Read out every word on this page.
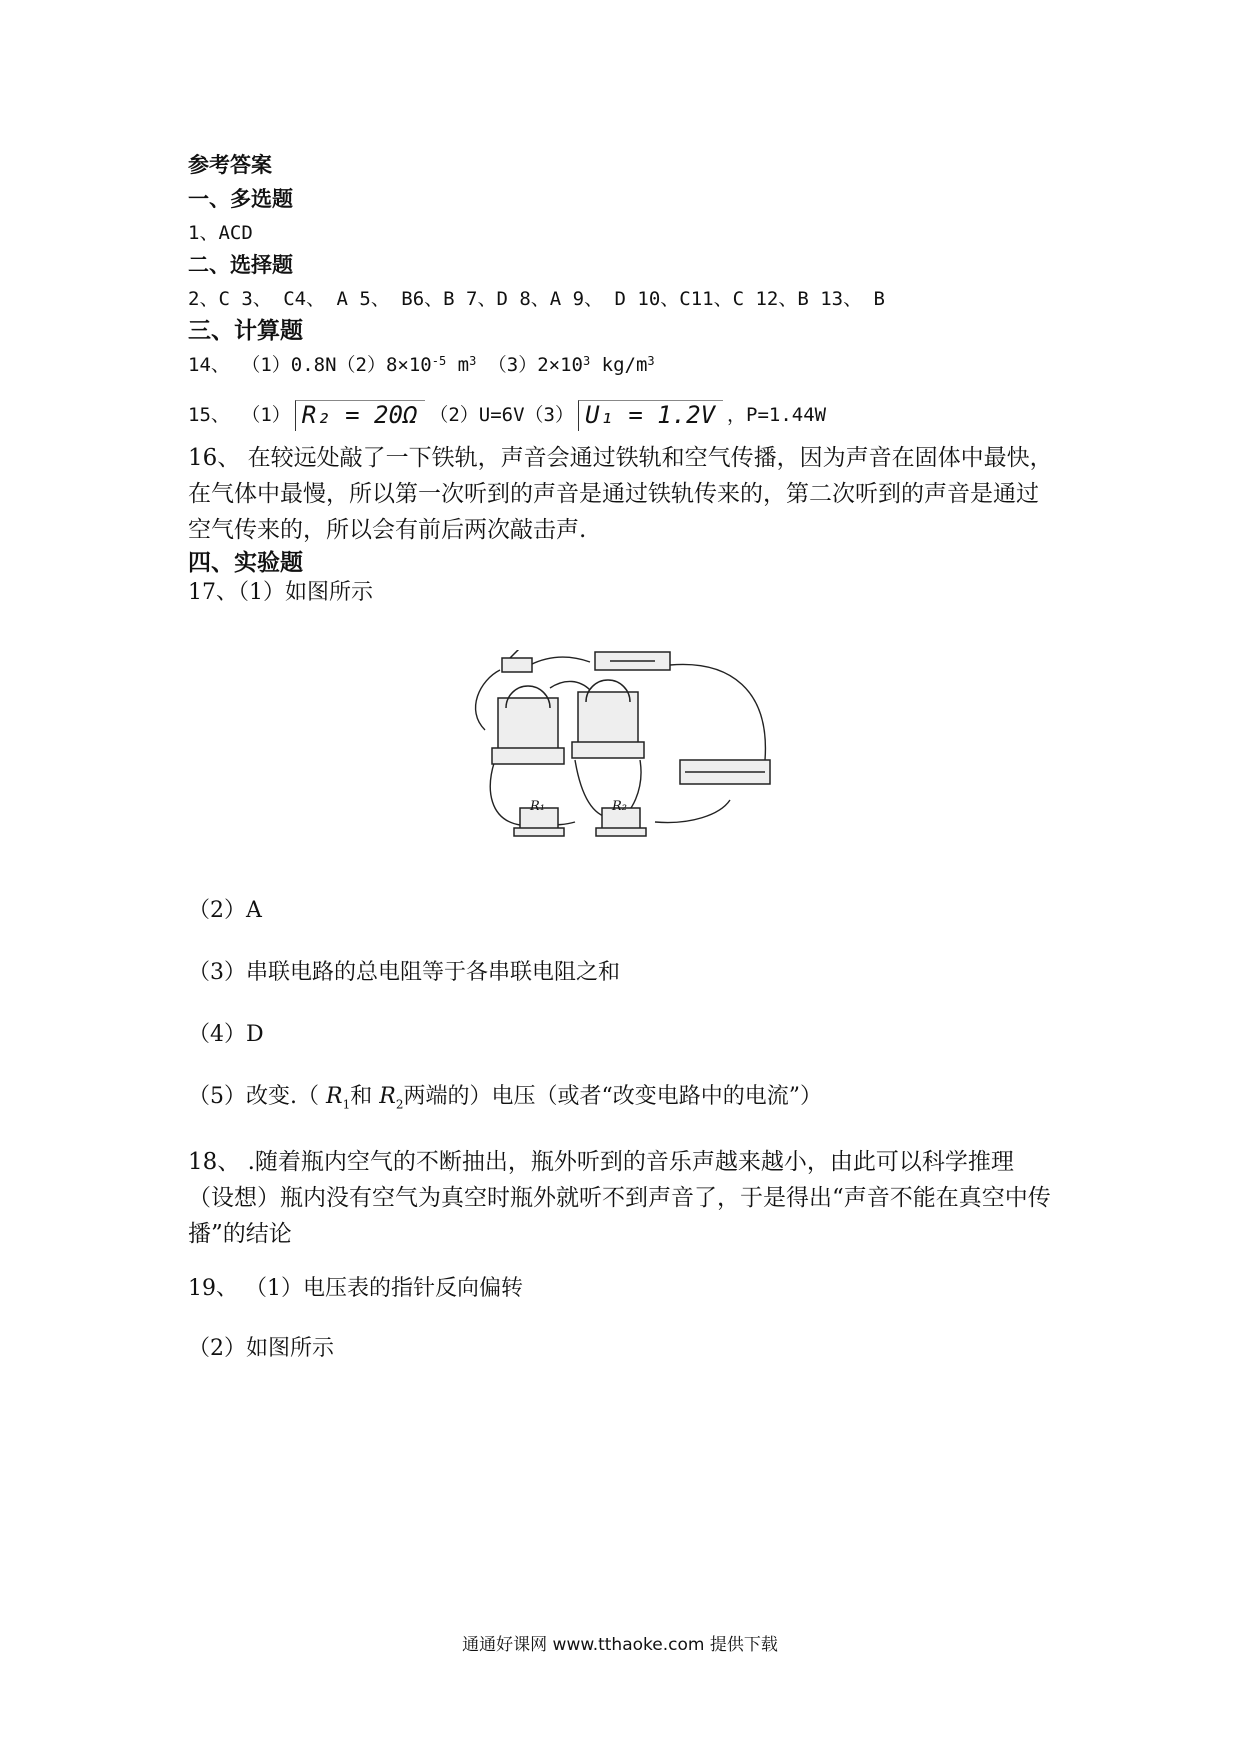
参考答案
一、多选题
1、ACD
二、选择题
2、C 3、 C4、 A 5、 B6、B 7、D 8、A 9、 D 10、C11、C 12、B 13、 B
三、计算题
14、 $(1)0.8N(2)8\times 10^{-5}$ $m^3$ $(3)2\times 10^3$ $kg/m^3$
15、 （1） R₂ = 20Ω （2）U=6V（3） U₁ = 1.2V ，P=1.44W
16、 在较远处敲了一下铁轨，声音会通过铁轨和空气传播，因为声音在固体中最快，在气体中最慢，所以第一次听到的声音是通过铁轨传来的，第二次听到的声音是通过空气传来的，所以会有前后两次敲击声.
四、实验题
17、（1）如图所示
R₁	R₂
（2）A
（3）串联电路的总电阻等于各串联电阻之和
（4）D
（5）改变.（ $R_1$和 $R_2$两端的）电压（或者“改变电路中的电流”）
18、 .随着瓶内空气的不断抽出，瓶外听到的音乐声越来越小，由此可以科学推理（设想）瓶内没有空气为真空时瓶外就听不到声音了，于是得出“声音不能在真空中传播”的结论
19、 （1）电压表的指针反向偏转
（2）如图所示
通通好课网 www.tthaoke.com 提供下载
